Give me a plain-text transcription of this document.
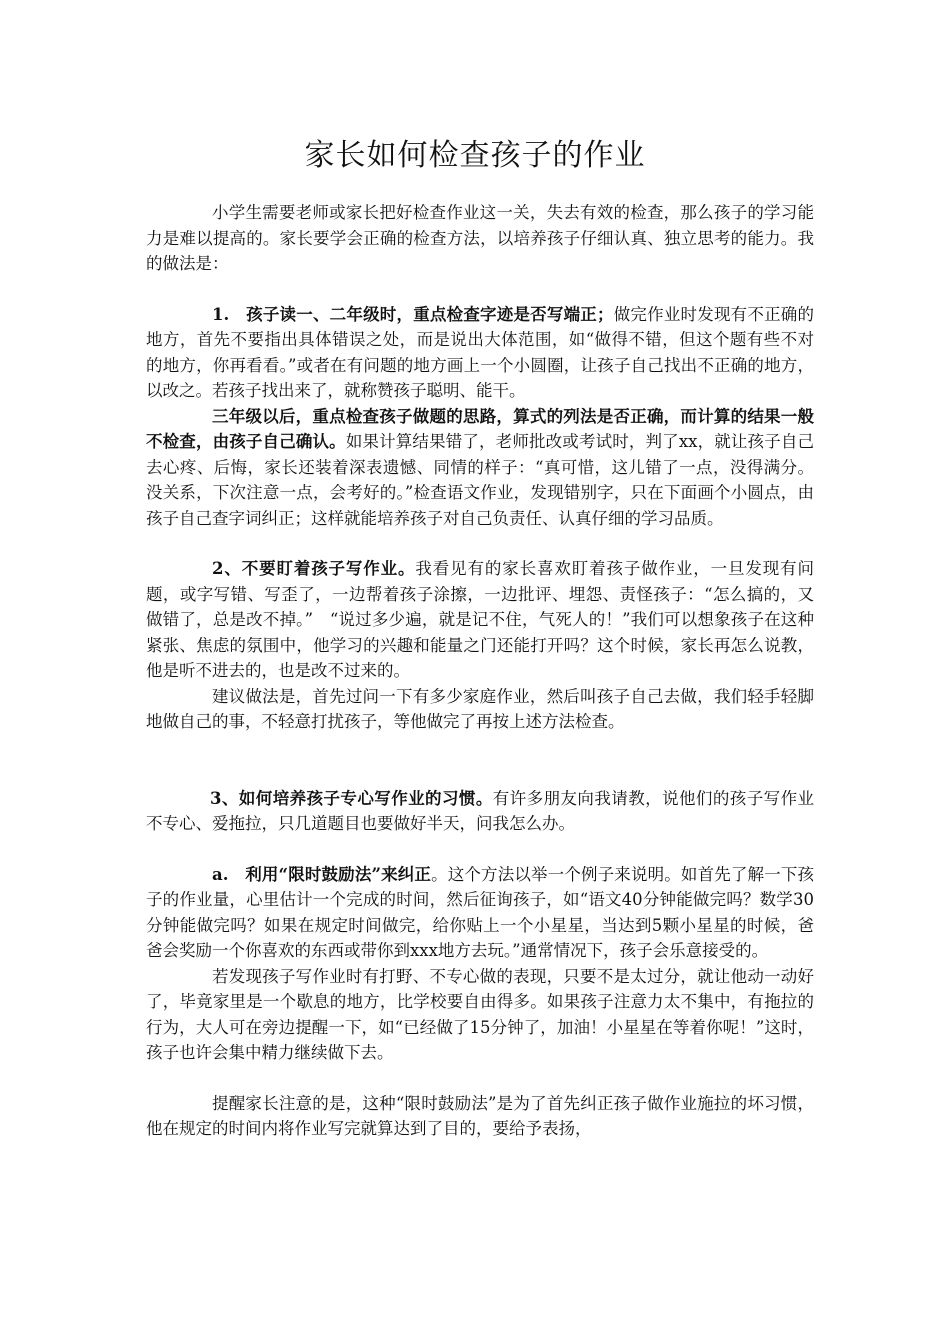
家长如何检查孩子的作业

小学生需要老师或家长把好检查作业这一关，失去有效的检查，那么孩子的学习能力是难以提高的。家长要学会正确的检查方法，以培养孩子仔细认真、独立思考的能力。我的做法是：

1.　孩子读一、二年级时，重点检查字迹是否写端正；做完作业时发现有不正确的地方，首先不要指出具体错误之处，而是说出大体范围，如“做得不错，但这个题有些不对的地方，你再看看。”或者在有问题的地方画上一个小圆圈，让孩子自己找出不正确的地方，以改之。若孩子找出来了，就称赞孩子聪明、能干。

三年级以后，重点检查孩子做题的思路，算式的列法是否正确，而计算的结果一般不检查，由孩子自己确认。如果计算结果错了，老师批改或考试时，判了xx，就让孩子自己去心疼、后悔，家长还装着深表遗憾、同情的样子：“真可惜，这儿错了一点，没得满分。没关系，下次注意一点，会考好的。”检查语文作业，发现错别字，只在下面画个小圆点，由孩子自己查字词纠正；这样就能培养孩子对自己负责任、认真仔细的学习品质。

2、不要盯着孩子写作业。我看见有的家长喜欢盯着孩子做作业，一旦发现有问题，或字写错、写歪了，一边帮着孩子涂擦，一边批评、埋怨、责怪孩子：“怎么搞的，又做错了，总是改不掉。”　“说过多少遍，就是记不住，气死人的！”我们可以想象孩子在这种紧张、焦虑的氛围中，他学习的兴趣和能量之门还能打开吗？这个时候，家长再怎么说教，他是听不进去的，也是改不过来的。

建议做法是，首先过问一下有多少家庭作业，然后叫孩子自己去做，我们轻手轻脚地做自己的事，不轻意打扰孩子，等他做完了再按上述方法检查。

3、如何培养孩子专心写作业的习惯。有许多朋友向我请教，说他们的孩子写作业不专心、爱拖拉，只几道题目也要做好半天，问我怎么办。

a.　利用“限时鼓励法”来纠正。这个方法以举一个例子来说明。如首先了解一下孩子的作业量，心里估计一个完成的时间，然后征询孩子，如“语文40分钟能做完吗？数学30分钟能做完吗？如果在规定时间做完，给你贴上一个小星星，当达到5颗小星星的时候，爸爸会奖励一个你喜欢的东西或带你到xxx地方去玩。”通常情况下，孩子会乐意接受的。

若发现孩子写作业时有打野、不专心做的表现，只要不是太过分，就让他动一动好了，毕竟家里是一个歇息的地方，比学校要自由得多。如果孩子注意力太不集中，有拖拉的行为，大人可在旁边提醒一下，如“已经做了15分钟了，加油！小星星在等着你呢！”这时，孩子也许会集中精力继续做下去。

提醒家长注意的是，这种“限时鼓励法”是为了首先纠正孩子做作业施拉的坏习惯，他在规定的时间内将作业写完就算达到了目的，要给予表扬，
